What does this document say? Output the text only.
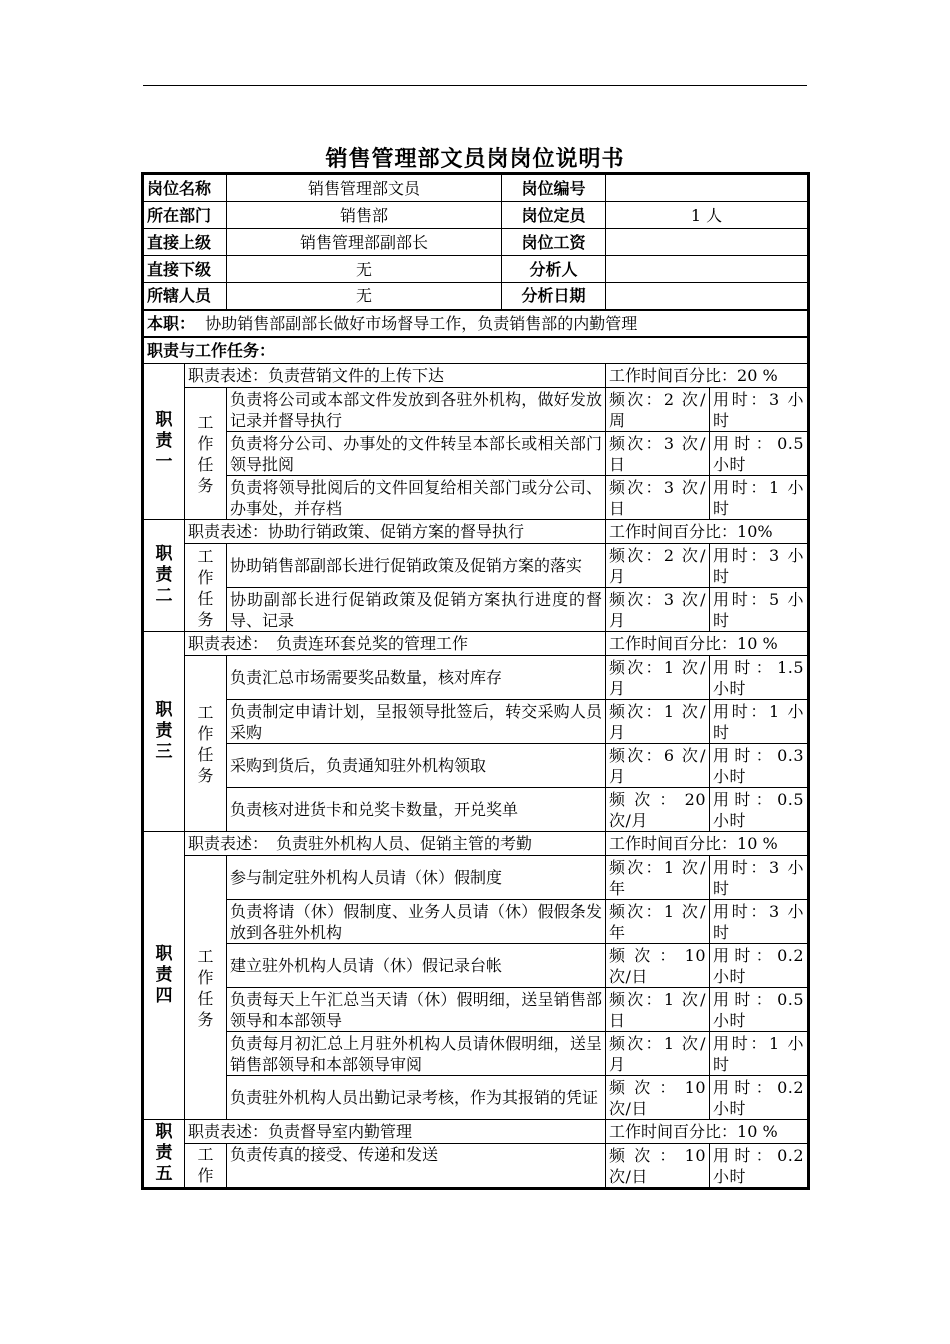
销售管理部文员岗岗位说明书
岗位名称		销售管理部文员	岗位编号		
所在部门		销售部	岗位定员	1 人	
直接上级		销售管理部副部长	岗位工资		
直接下级		无	分析人		
所辖人员		无	分析日期		
本职： 协助销售部副部长做好市场督导工作，负责销售部的内勤管理					
职责与工作任务：					

职
责
一	职责表述：负责营销文件的上传下达			工作时间百分比：20 %	

	工
作
任
务	负责将公司或本部文件发放到各驻外机构，做好发放记录并督导执行		频次：2 次/周	用时：3 小时
		负责将分公司、办事处的文件转呈本部长或相关部门领导批阅		频次：3 次/日	用时：0.5 小时
		负责将领导批阅后的文件回复给相关部门或分公司、办事处，并存档		频次：3 次/日	用时：1 小时

职
责
二	职责表述：协助行销政策、促销方案的督导执行			工作时间百分比：10%	

	工
作
任
务	协助销售部副部长进行促销政策及促销方案的落实		频次：2 次/月	用时：3 小时
		协助副部长进行促销政策及促销方案执行进度的督导、记录		频次：3 次/月	用时：5 小时

职
责
三	职责表述：　负责连环套兑奖的管理工作			工作时间百分比：10 %	

	工
作
任
务	负责汇总市场需要奖品数量，核对库存		频次：1 次/月	用时：1.5 小时
		负责制定申请计划，呈报领导批签后，转交采购人员采购		频次：1 次/月	用时：1 小时
		采购到货后，负责通知驻外机构领取		频次：6 次/月	用时：0.3 小时
		负责核对进货卡和兑奖卡数量，开兑奖单		频次：20 次/月	用时：0.5 小时

职
责
四	职责表述：　负责驻外机构人员、促销主管的考勤			工作时间百分比：10 %	

	工
作
任
务	参与制定驻外机构人员请（休）假制度		频次：1 次/年	用时：3 小时
		负责将请（休）假制度、业务人员请（休）假假条发放到各驻外机构		频次：1 次/年	用时：3 小时
		建立驻外机构人员请（休）假记录台帐		频次：10 次/日	用时：0.2 小时
		负责每天上午汇总当天请（休）假明细，送呈销售部领导和本部领导		频次：1 次/日	用时：0.5 小时
		负责每月初汇总上月驻外机构人员请休假明细，送呈销售部领导和本部领导审阅		频次：1 次/月	用时：1 小时
		负责驻外机构人员出勤记录考核，作为其报销的凭证		频次：10 次/日	用时：0.2 小时

职
责
五	职责表述：负责督导室内勤管理			工作时间百分比：10 %	

	工
作	负责传真的接受、传递和发送		频次：10 次/日	用时：0.2 小时
